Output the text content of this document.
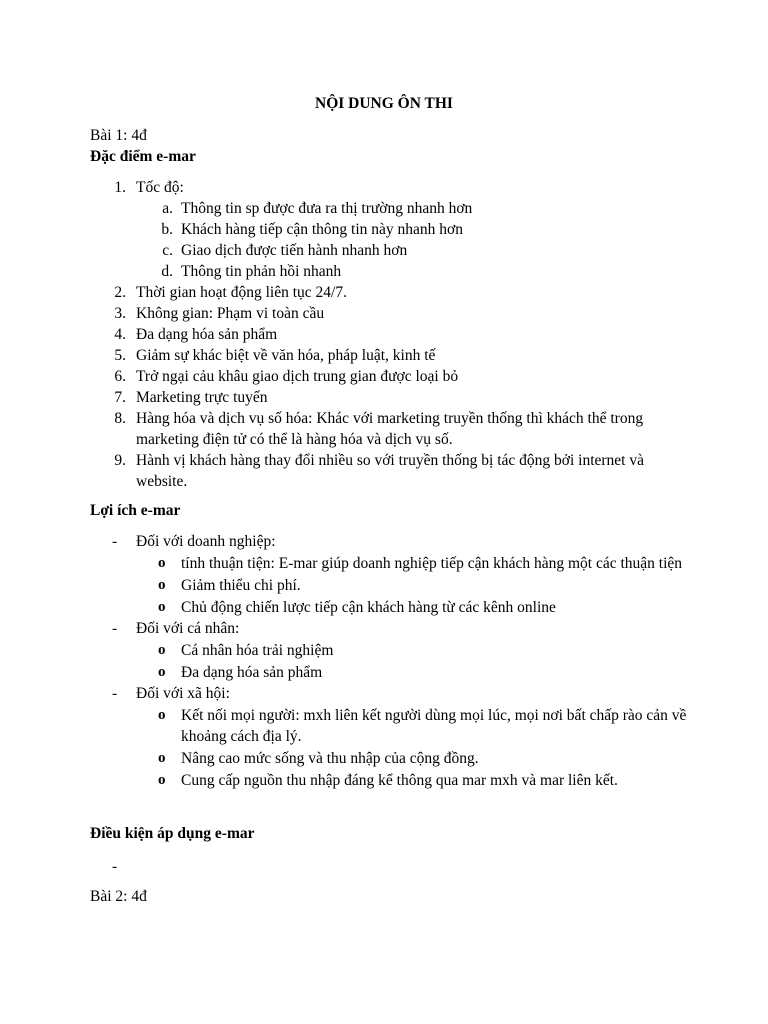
NỘI DUNG ÔN THI
Bài 1: 4đ
Đặc điểm e-mar
1. Tốc độ:
a. Thông tin sp được đưa ra thị trường nhanh hơn
b. Khách hàng tiếp cận thông tin này nhanh hơn
c. Giao dịch được tiến hành nhanh hơn
d. Thông tin phản hồi nhanh
2. Thời gian hoạt động liên tục 24/7.
3. Không gian: Phạm vi toàn cầu
4. Đa dạng hóa sản phẩm
5. Giảm sự khác biệt về văn hóa, pháp luật, kinh tế
6. Trở ngại cảu khâu giao dịch trung gian được loại bỏ
7. Marketing trực tuyến
8. Hàng hóa và dịch vụ số hóa: Khác với marketing truyền thống thì khách thể trong marketing điện tử có thể là hàng hóa và dịch vụ số.
9. Hành vị khách hàng thay đổi nhiều so với truyền thống bị tác động bởi internet và website.
Lợi ích e-mar
- Đối với doanh nghiệp:
o tính thuận tiện: E-mar giúp doanh nghiệp tiếp cận khách hàng một các thuận tiện
o Giảm thiểu chi phí.
o Chủ động chiến lược tiếp cận khách hàng từ các kênh online
- Đối với cá nhân:
o Cá nhân hóa trải nghiệm
o Đa dạng hóa sản phẩm
- Đối với xã hội:
o Kết nối mọi người: mxh liên kết người dùng mọi lúc, mọi nơi bất chấp rào cản về khoảng cách địa lý.
o Nâng cao mức sống và thu nhập của cộng đồng.
o Cung cấp nguồn thu nhập đáng kể thông qua mar mxh và mar liên kết.
Điều kiện áp dụng e-mar
-
Bài 2: 4đ
